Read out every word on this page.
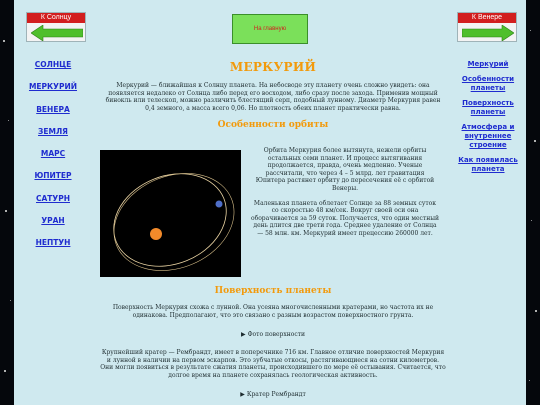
К Солнцу
На главную
К Венере
СОЛНЦЕ
МЕРКУРИЙ
ВЕНЕРА
ЗЕМЛЯ
МАРС
ЮПИТЕР
САТУРН
УРАН
НЕПТУН
Меркурий
Особенности планеты
Поверхность планеты
Атмосфера и внутреннее строение
Как появилась планета
МЕРКУРИЙ

Меркурий — ближайшая к Солнцу планета. На небосводе эту планету очень сложно увидеть: она появляется недалеко от Солнца либо перед его восходом, либо сразу после захода. Применив мощный бинокль или телескоп, можно различить блестящий серп, подобный лунному. Диаметр Меркурия равен 0,4 земного, а масса всего 0,06. Но плотность обеих планет практически равна.

Особенности орбиты

Орбита Меркурия более вытянута, нежели орбиты остальных семи планет. И процесс вытягивания продолжается, правда, очень медленно. Ученые рассчитали, что через 4 – 5 млрд. лет гравитация Юпитера растянет орбиту до пересечения её с орбитой Венеры.

Маленькая планета облетает Солнце за 88 земных суток со скоростью 48 км/сек. Вокруг своей оси она оборачивается за 59 суток. Получается, что один местный день длится две трети года. Среднее удаление от Солнца — 58 млн. км. Меркурий имеет прецессию 260000 лет.

Поверхность планеты

Поверхность Меркурия схожа с лунной. Она усеяна многочисленными кратерами, но частота их не одинакова. Предполагают, что это связано с разным возрастом поверхностного грунта.

▶ Фото поверхности

Крупнейший кратер — Рембрандт, имеет в поперечнике 716 км. Главное отличие поверхностей Меркурия и лунной в наличии на первом эскарпов. Это зубчатые откосы, растягивающиеся на сотни километров. Они могли появиться в результате сжатия планеты, происходившего по мере её остывания. Считается, что долгое время на планете сохранялась геологическая активность.

▶ Кратер Рембрандт
